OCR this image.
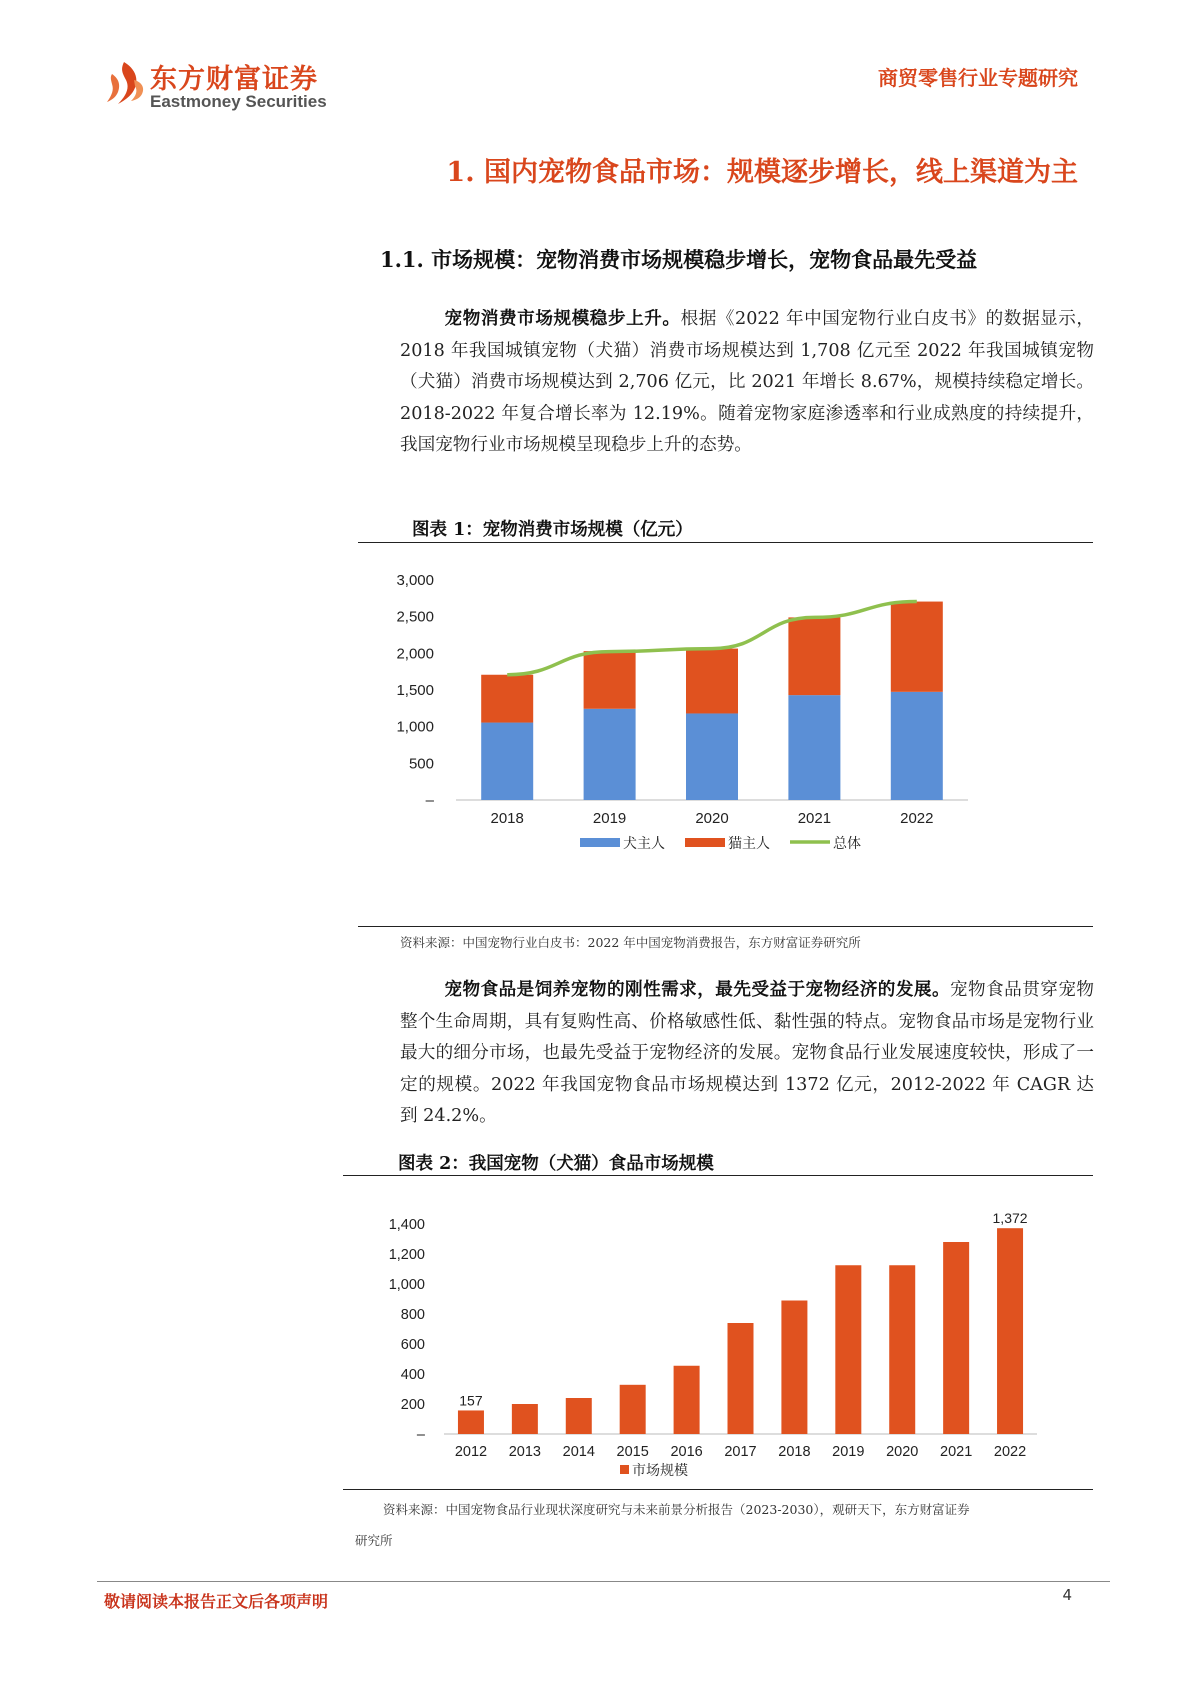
东方财富证券
Eastmoney Securities
商贸零售行业专题研究
1. 国内宠物食品市场：规模逐步增长，线上渠道为主
1.1. 市场规模：宠物消费市场规模稳步增长，宠物食品最先受益
宠物消费市场规模稳步上升。根据《2022 年中国宠物行业白皮书》的数据显示，2018 年我国城镇宠物（犬猫）消费市场规模达到 1,708 亿元至 2022 年我国城镇宠物（犬猫）消费市场规模达到 2,706 亿元，比 2021 年增长 8.67%，规模持续稳定增长。2018-2022 年复合增长率为 12.19%。随着宠物家庭渗透率和行业成熟度的持续提升，我国宠物行业市场规模呈现稳步上升的态势。
图表 1：宠物消费市场规模（亿元）
–
500
1,000
1,500
2,000
2,500
3,000
2018	2019	2020	2021	2022
犬主人	猫主人	总体
资料来源：中国宠物行业白皮书：2022 年中国宠物消费报告，东方财富证券研究所
宠物食品是饲养宠物的刚性需求，最先受益于宠物经济的发展。宠物食品贯穿宠物整个生命周期，具有复购性高、价格敏感性低、黏性强的特点。宠物食品市场是宠物行业最大的细分市场，也最先受益于宠物经济的发展。宠物食品行业发展速度较快，形成了一定的规模。2022 年我国宠物食品市场规模达到 1372 亿元，2012-2022 年 CAGR 达到 24.2%。
图表 2：我国宠物（犬猫）食品市场规模
–
200
400
600
800
1,000
1,200
1,400
2012
157
2013 2014 2015 2016 2017 2018 2019 2020 2021 2022
1,372
市场规模
资料来源：中国宠物食品行业现状深度研究与未来前景分析报告（2023-2030），观研天下，东方财富证券
研究所
敬请阅读本报告正文后各项声明	4
